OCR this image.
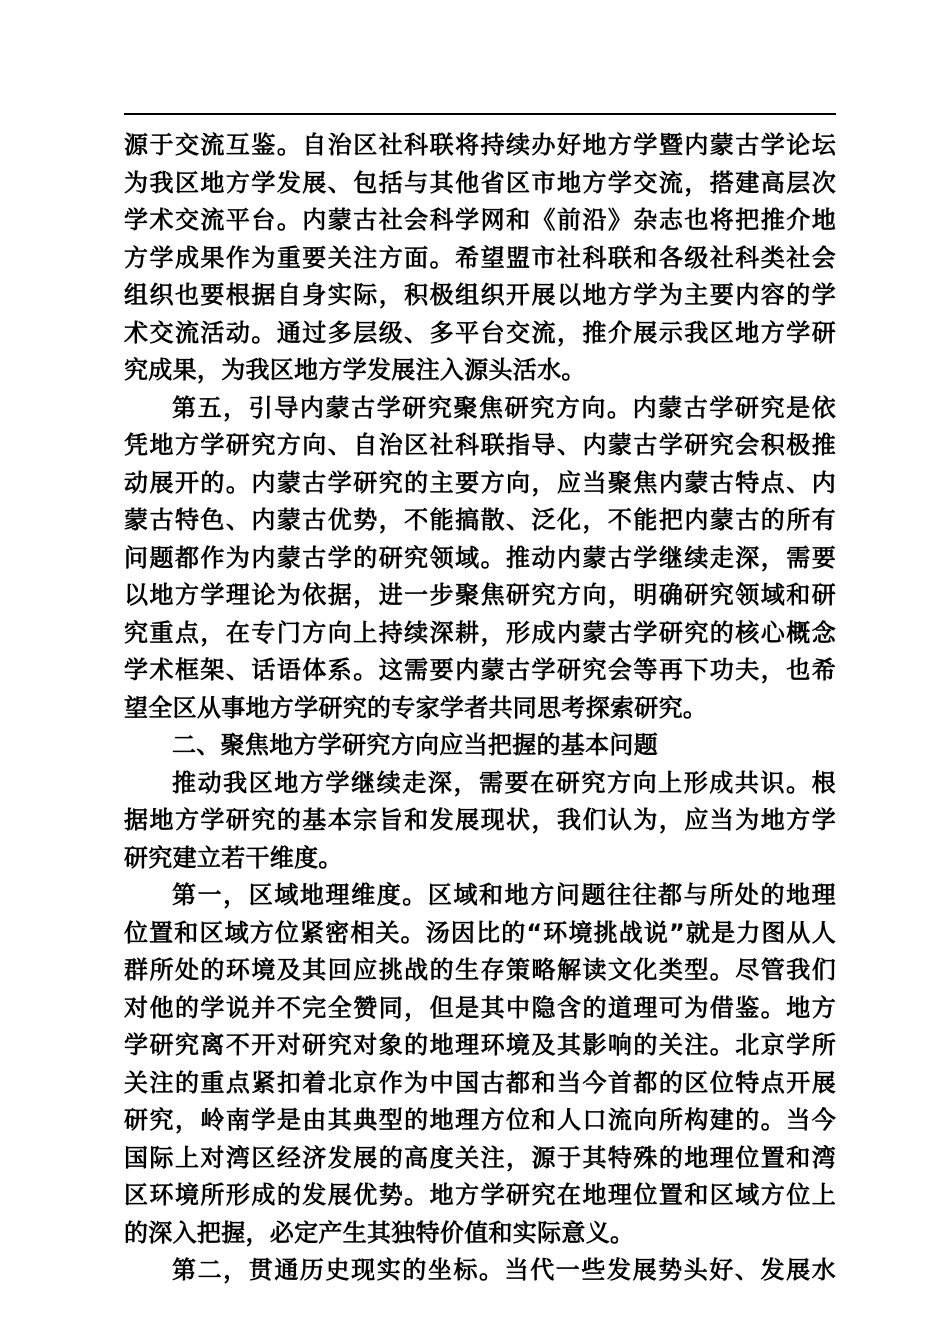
源于交流互鉴。自治区社科联将持续办好地方学暨内蒙古学论坛
为我区地方学发展、包括与其他省区市地方学交流，搭建高层次
学术交流平台。内蒙古社会科学网和《前沿》杂志也将把推介地
方学成果作为重要关注方面。希望盟市社科联和各级社科类社会
组织也要根据自身实际，积极组织开展以地方学为主要内容的学
术交流活动。通过多层级、多平台交流，推介展示我区地方学研
究成果，为我区地方学发展注入源头活水。
第五，引导内蒙古学研究聚焦研究方向。内蒙古学研究是依
凭地方学研究方向、自治区社科联指导、内蒙古学研究会积极推
动展开的。内蒙古学研究的主要方向，应当聚焦内蒙古特点、内
蒙古特色、内蒙古优势，不能搞散、泛化，不能把内蒙古的所有
问题都作为内蒙古学的研究领域。推动内蒙古学继续走深，需要
以地方学理论为依据，进一步聚焦研究方向，明确研究领域和研
究重点，在专门方向上持续深耕，形成内蒙古学研究的核心概念
学术框架、话语体系。这需要内蒙古学研究会等再下功夫，也希
望全区从事地方学研究的专家学者共同思考探索研究。
二、聚焦地方学研究方向应当把握的基本问题
推动我区地方学继续走深，需要在研究方向上形成共识。根
据地方学研究的基本宗旨和发展现状，我们认为，应当为地方学
研究建立若干维度。
第一，区域地理维度。区域和地方问题往往都与所处的地理
位置和区域方位紧密相关。汤因比的“环境挑战说”就是力图从人
群所处的环境及其回应挑战的生存策略解读文化类型。尽管我们
对他的学说并不完全赞同，但是其中隐含的道理可为借鉴。地方
学研究离不开对研究对象的地理环境及其影响的关注。北京学所
关注的重点紧扣着北京作为中国古都和当今首都的区位特点开展
研究，岭南学是由其典型的地理方位和人口流向所构建的。当今
国际上对湾区经济发展的高度关注，源于其特殊的地理位置和湾
区环境所形成的发展优势。地方学研究在地理位置和区域方位上
的深入把握，必定产生其独特价值和实际意义。
第二，贯通历史现实的坐标。当代一些发展势头好、发展水
